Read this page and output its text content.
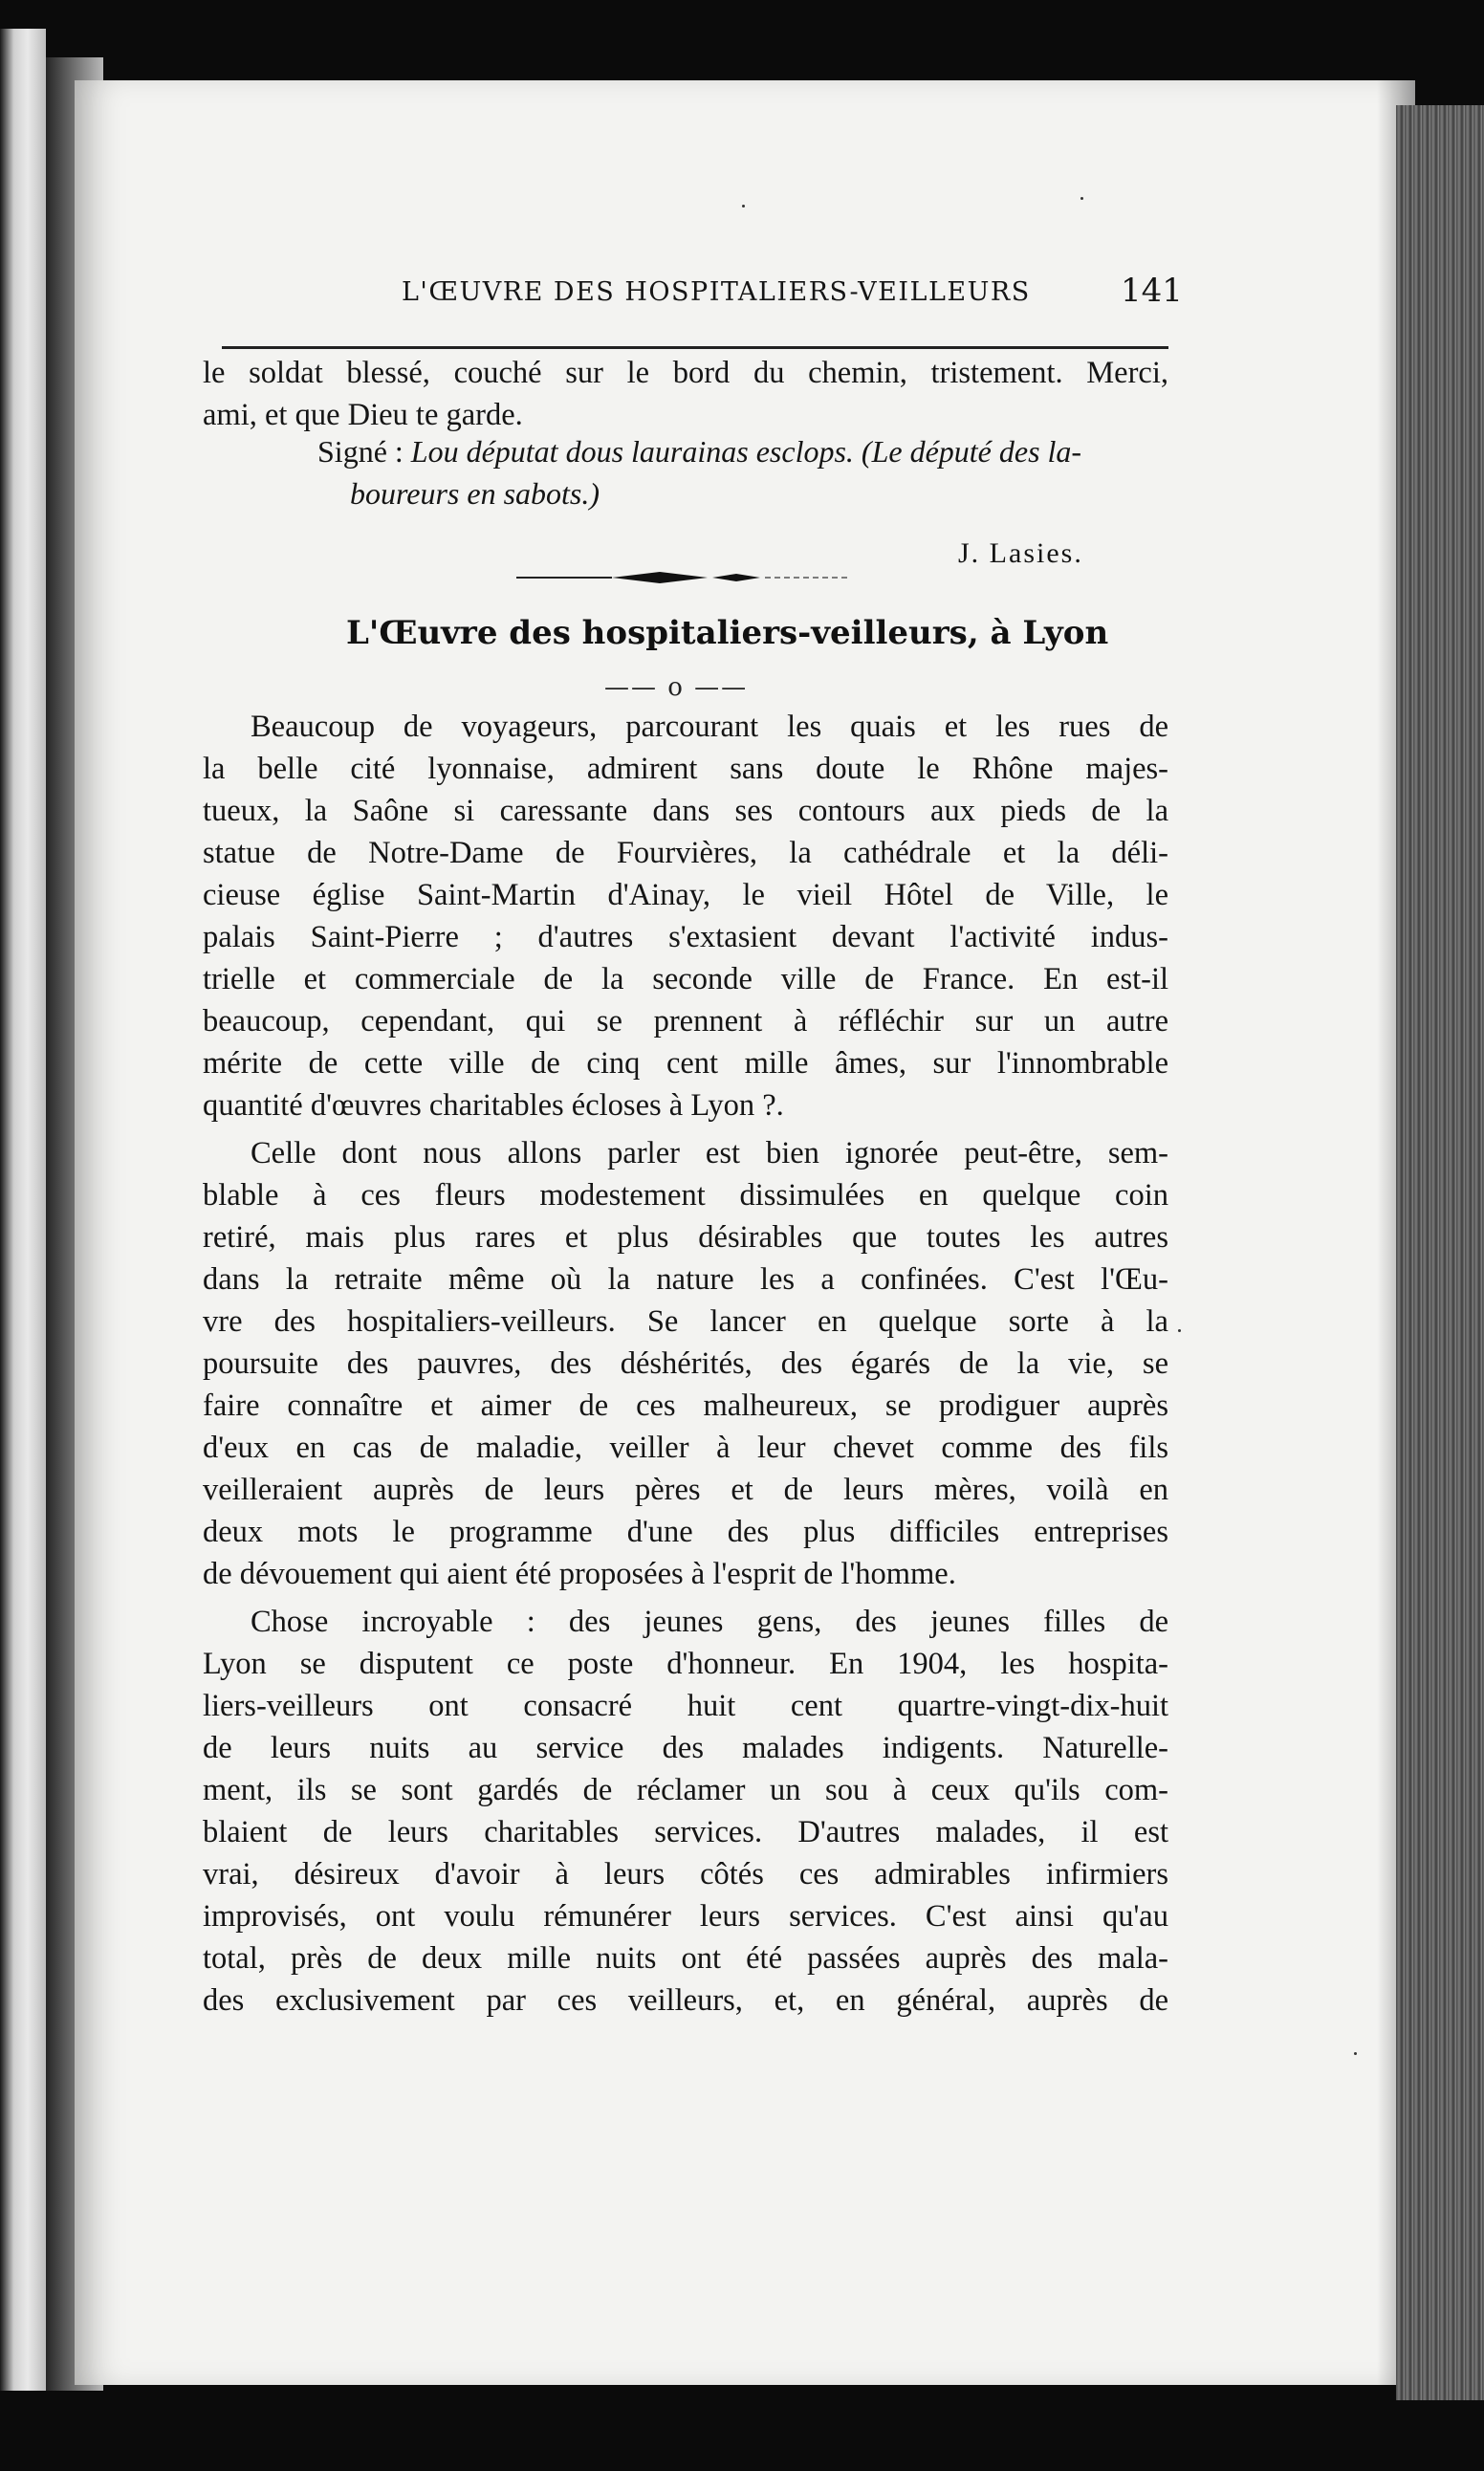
L'ŒUVRE DES HOSPITALIERS-VEILLEURS	141
le soldat blessé, couché sur le bord du chemin, tristement. Merci,
ami, et que Dieu te garde.
Signé : Lou députat dous laurainas esclops. (Le député des la-
boureurs en sabots.)
J. Lasies.
L'Œuvre des hospitaliers-veilleurs, à Lyon
—— o ——
Beaucoup de voyageurs, parcourant les quais et les rues de
la belle cité lyonnaise, admirent sans doute le Rhône majes-
tueux, la Saône si caressante dans ses contours aux pieds de la
statue de Notre-Dame de Fourvières, la cathédrale et la déli-
cieuse église Saint-Martin d'Ainay, le vieil Hôtel de Ville, le
palais Saint-Pierre ; d'autres s'extasient devant l'activité indus-
trielle et commerciale de la seconde ville de France. En est-il
beaucoup, cependant, qui se prennent à réfléchir sur un autre
mérite de cette ville de cinq cent mille âmes, sur l'innombrable
quantité d'œuvres charitables écloses à Lyon ?.
Celle dont nous allons parler est bien ignorée peut-être, sem-
blable à ces fleurs modestement dissimulées en quelque coin
retiré, mais plus rares et plus désirables que toutes les autres
dans la retraite même où la nature les a confinées. C'est l'Œu-
vre des hospitaliers-veilleurs. Se lancer en quelque sorte à la
poursuite des pauvres, des déshérités, des égarés de la vie, se
faire connaître et aimer de ces malheureux, se prodiguer auprès
d'eux en cas de maladie, veiller à leur chevet comme des fils
veilleraient auprès de leurs pères et de leurs mères, voilà en
deux mots le programme d'une des plus difficiles entreprises
de dévouement qui aient été proposées à l'esprit de l'homme.
Chose incroyable : des jeunes gens, des jeunes filles de
Lyon se disputent ce poste d'honneur. En 1904, les hospita-
liers-veilleurs ont consacré huit cent quartre-vingt-dix-huit
de leurs nuits au service des malades indigents. Naturelle-
ment, ils se sont gardés de réclamer un sou à ceux qu'ils com-
blaient de leurs charitables services. D'autres malades, il est
vrai, désireux d'avoir à leurs côtés ces admirables infirmiers
improvisés, ont voulu rémunérer leurs services. C'est ainsi qu'au
total, près de deux mille nuits ont été passées auprès des mala-
des exclusivement par ces veilleurs, et, en général, auprès de
